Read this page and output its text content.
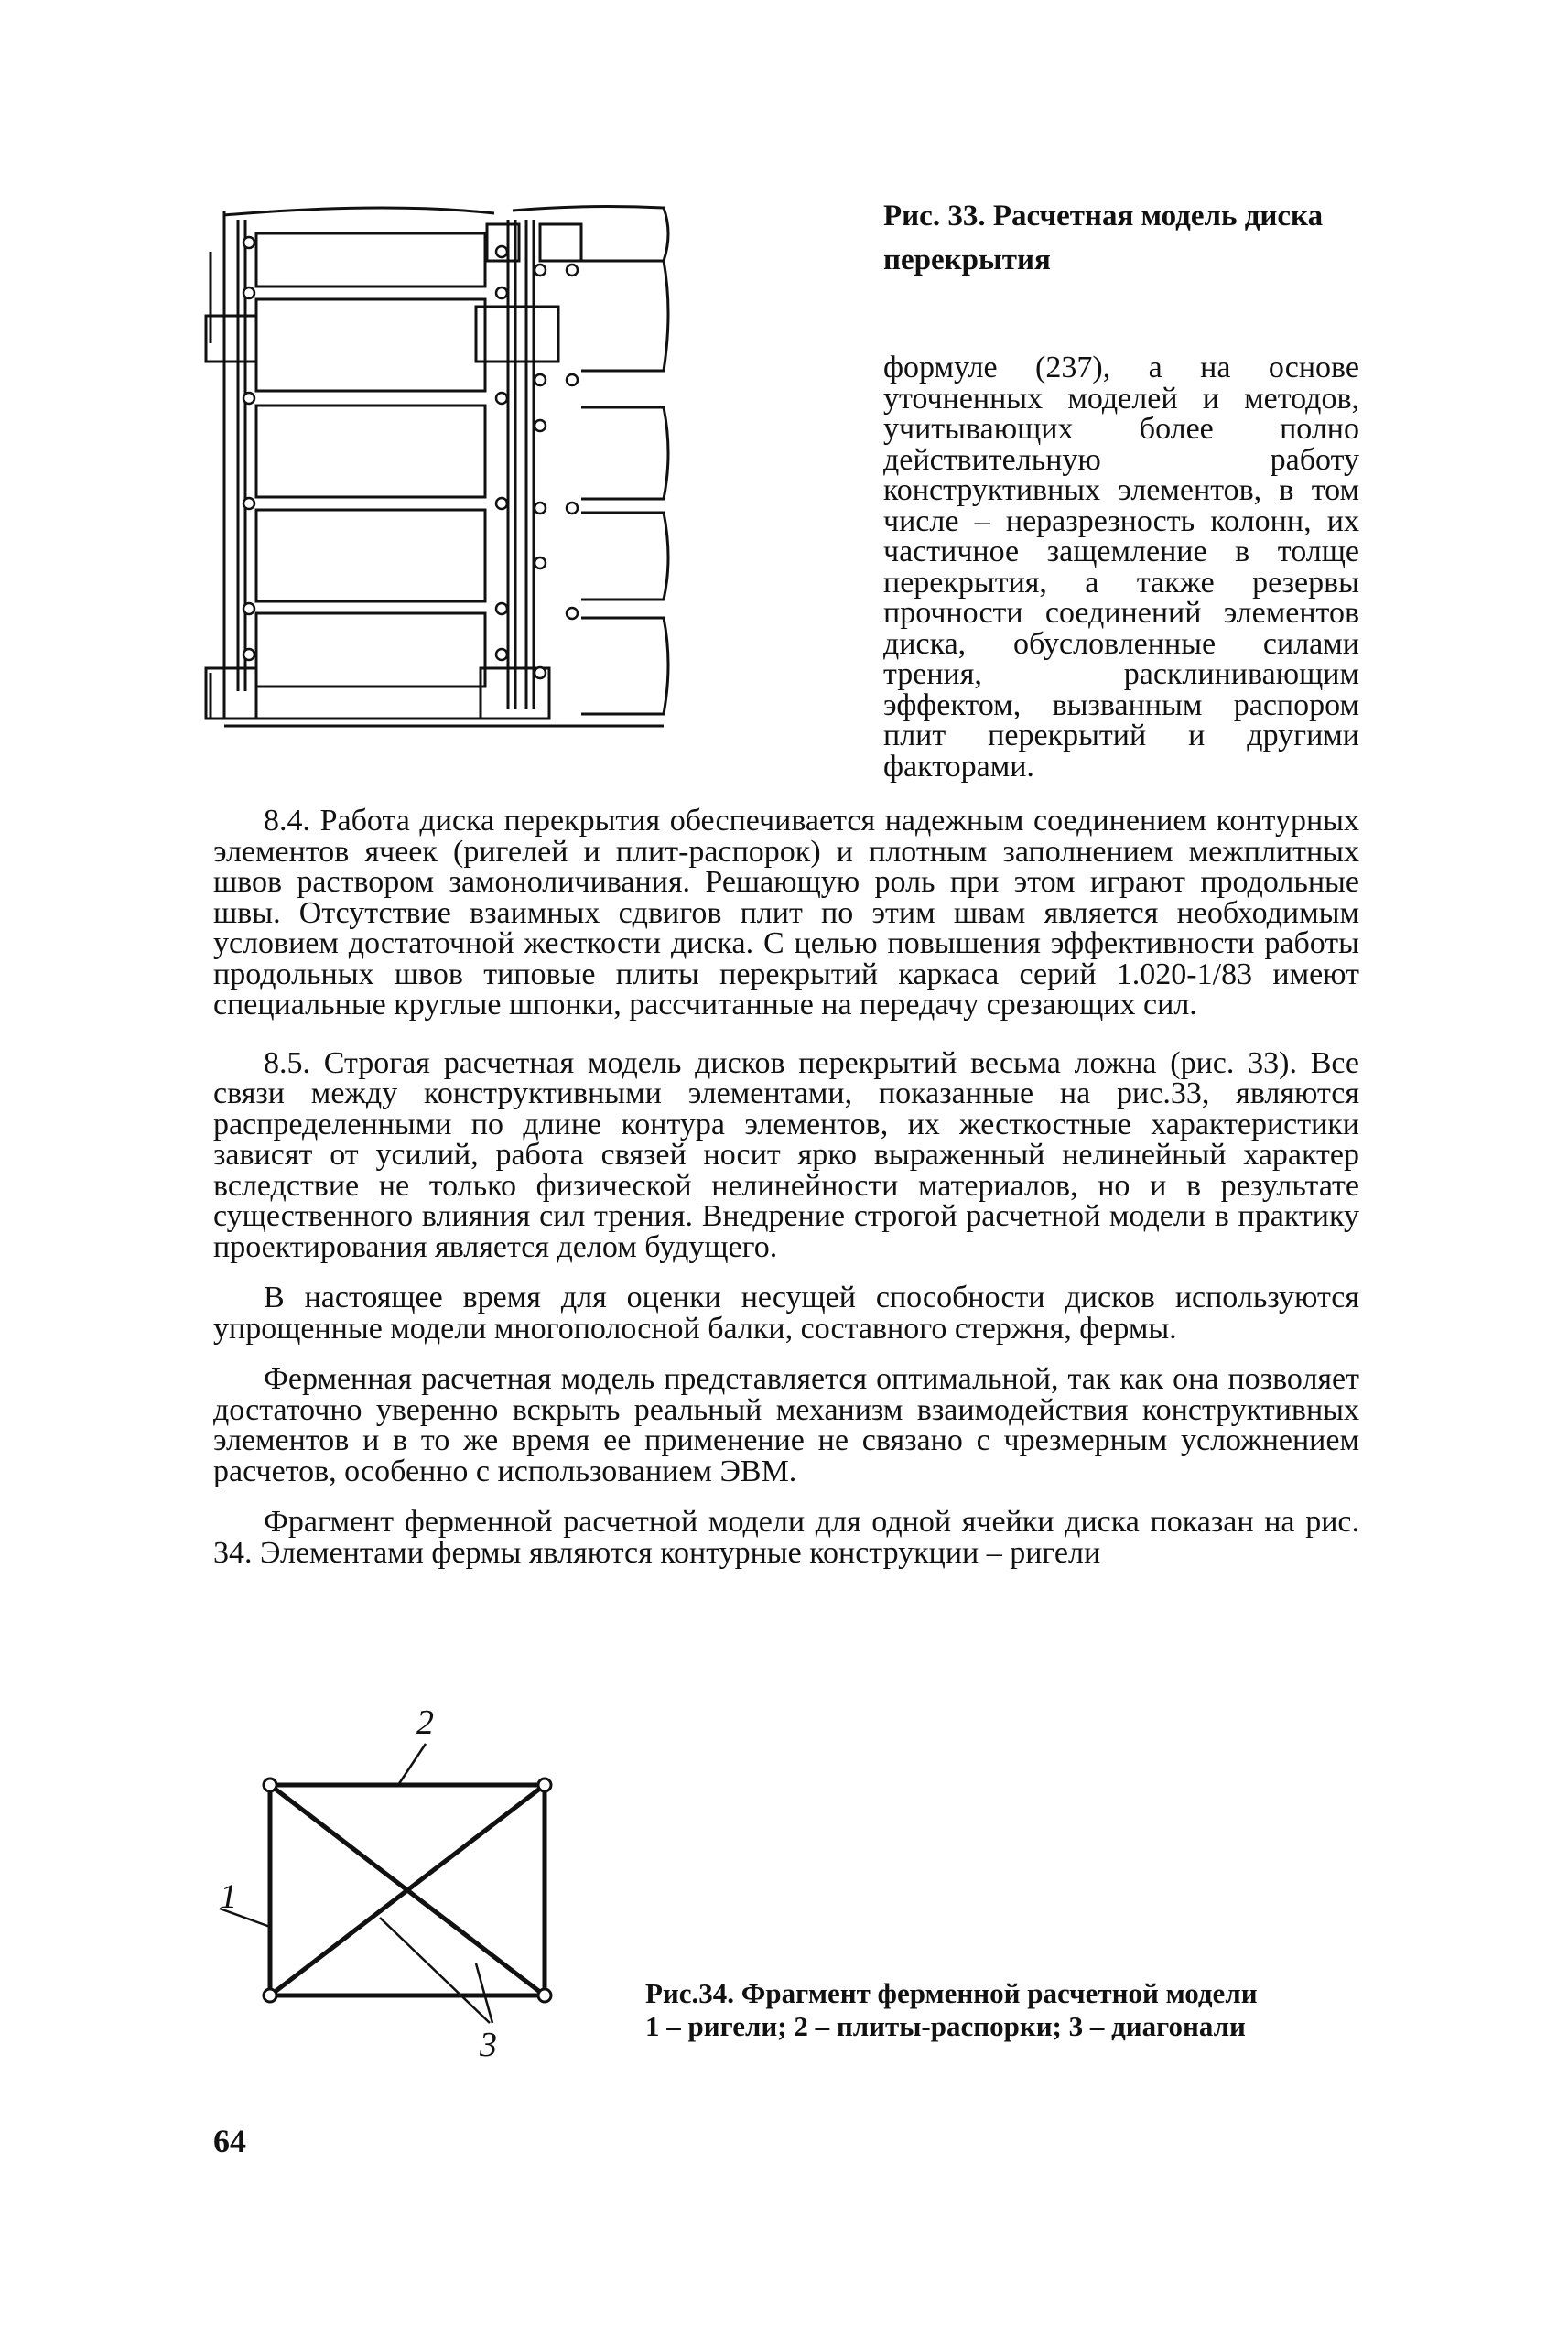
Рис. 33. Расчетная модель диска перекрытия

формуле (237), а на основе уточненных моделей и методов, учитывающих более полно действительную работу конструктивных элементов, в том числе – неразрезность колонн, их частичное защемление в толще перекрытия, а также резервы прочности соединений элементов диска, обусловленные силами трения, расклинивающим эффектом, вызванным распором плит перекрытий и другими факторами.

8.4. Работа диска перекрытия обеспечивается надежным соединением контурных элементов ячеек (ригелей и плит-распорок) и плотным заполнением межплитных швов раствором замоноличивания. Решающую роль при этом играют продольные швы. Отсутствие взаимных сдвигов плит по этим швам является необходимым условием достаточной жесткости диска. С целью повышения эффективности работы продольных швов типовые плиты перекрытий каркаса серий 1.020-1/83 имеют специальные круглые шпонки, рассчитанные на передачу срезающих сил.

8.5. Строгая расчетная модель дисков перекрытий весьма ложна (рис. 33). Все связи между конструктивными элементами, показанные на рис.33, являются распределенными по длине контура элементов, их жесткостные характеристики зависят от усилий, работа связей носит ярко выраженный нелинейный характер вследствие не только физической нелинейности материалов, но и в результате существенного влияния сил трения. Внедрение строгой расчетной модели в практику проектирования является делом будущего.

В настоящее время для оценки несущей способности дисков используются упрощенные модели многополосной балки, составного стержня, фермы.

Ферменная расчетная модель представляется оптимальной, так как она позволяет достаточно уверенно вскрыть реальный механизм взаимодействия конструктивных элементов и в то же время ее применение не связано с чрезмерным усложнением расчетов, особенно с использованием ЭВМ.

Фрагмент ферменной расчетной модели для одной ячейки диска показан на рис. 34. Элементами фермы являются контурные конструкции – ригели

2
1
3
Рис.34. Фрагмент ферменной расчетной модели
1 – ригели; 2 – плиты-распорки; 3 – диагонали
64
